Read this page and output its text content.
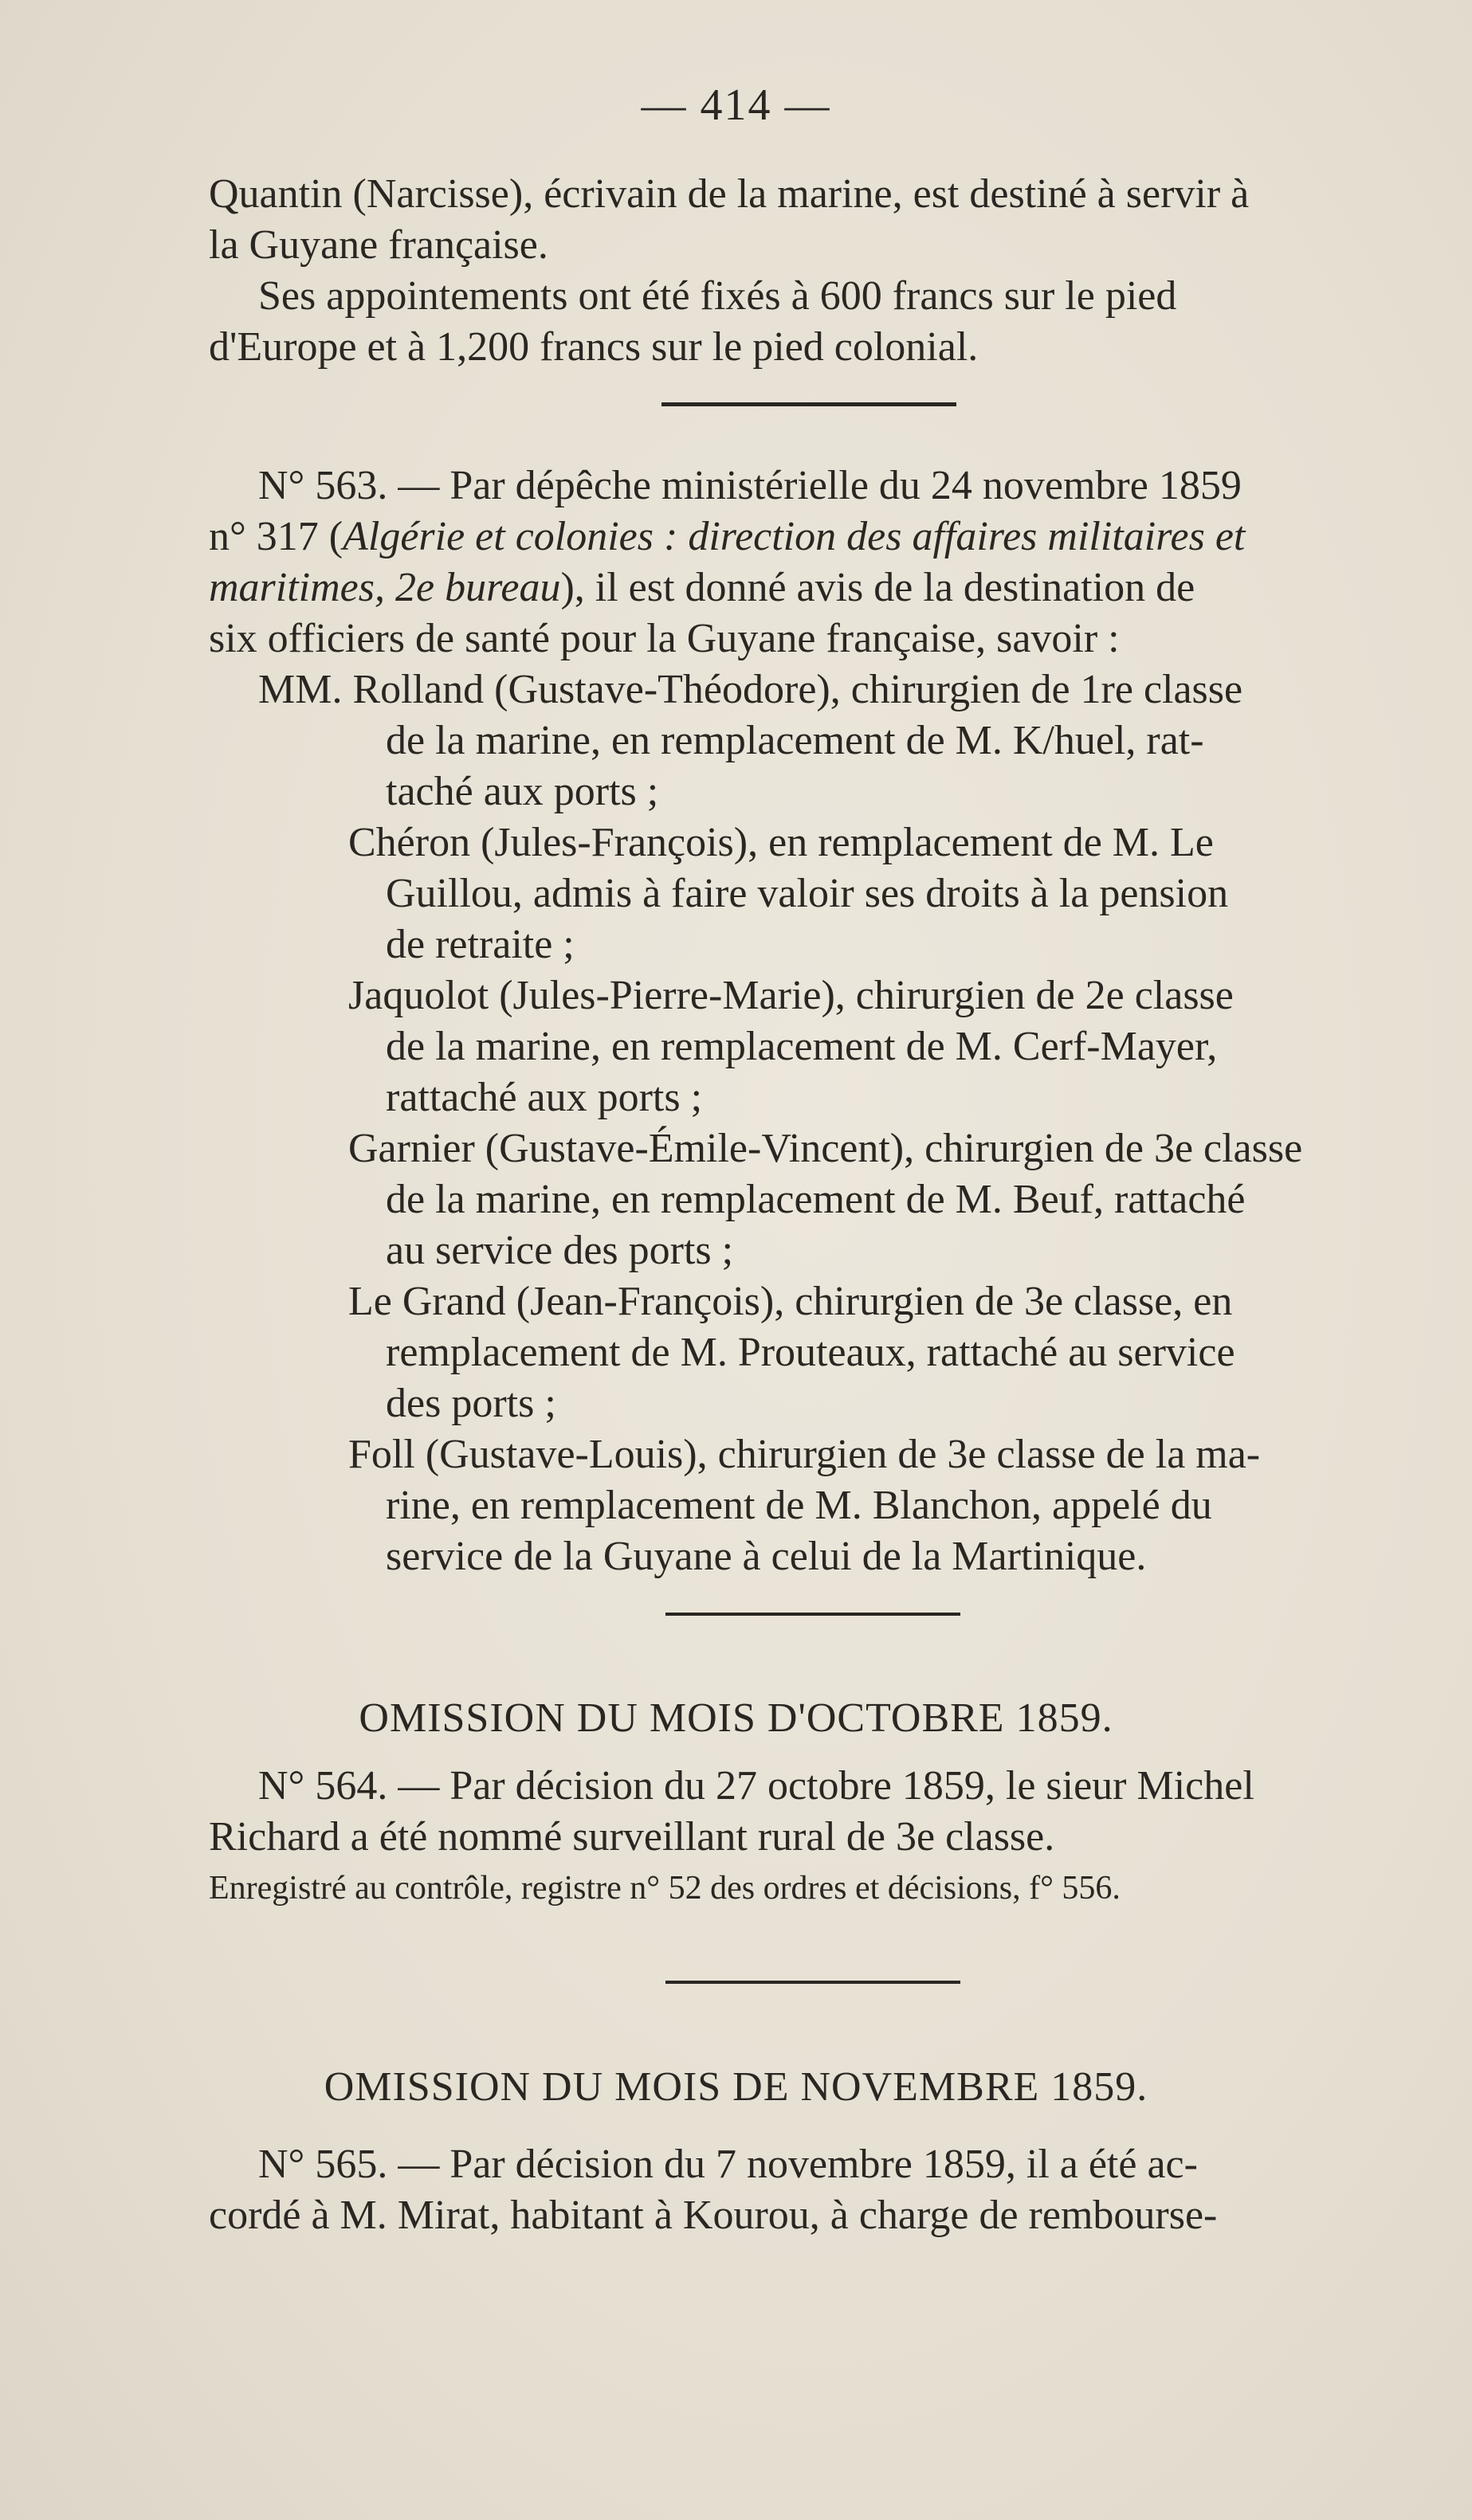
— 414 —
Quantin (Narcisse), écrivain de la marine, est destiné à servir à
la Guyane française.
Ses appointements ont été fixés à 600 francs sur le pied
d'Europe et à 1,200 francs sur le pied colonial.
N° 563. — Par dépêche ministérielle du 24 novembre 1859
n° 317 (Algérie et colonies : direction des affaires militaires et
maritimes, 2e bureau), il est donné avis de la destination de
six officiers de santé pour la Guyane française, savoir :
MM. Rolland (Gustave-Théodore), chirurgien de 1re classe
de la marine, en remplacement de M. K/huel, rat-
taché aux ports ;
Chéron (Jules-François), en remplacement de M. Le
Guillou, admis à faire valoir ses droits à la pension
de retraite ;
Jaquolot (Jules-Pierre-Marie), chirurgien de 2e classe
de la marine, en remplacement de M. Cerf-Mayer,
rattaché aux ports ;
Garnier (Gustave-Émile-Vincent), chirurgien de 3e classe
de la marine, en remplacement de M. Beuf, rattaché
au service des ports ;
Le Grand (Jean-François), chirurgien de 3e classe, en
remplacement de M. Prouteaux, rattaché au service
des ports ;
Foll (Gustave-Louis), chirurgien de 3e classe de la ma-
rine, en remplacement de M. Blanchon, appelé du
service de la Guyane à celui de la Martinique.
OMISSION DU MOIS D'OCTOBRE 1859.
N° 564. — Par décision du 27 octobre 1859, le sieur Michel
Richard a été nommé surveillant rural de 3e classe.
Enregistré au contrôle, registre n° 52 des ordres et décisions, f° 556.
OMISSION DU MOIS DE NOVEMBRE 1859.
N° 565. — Par décision du 7 novembre 1859, il a été ac-
cordé à M. Mirat, habitant à Kourou, à charge de rembourse-
